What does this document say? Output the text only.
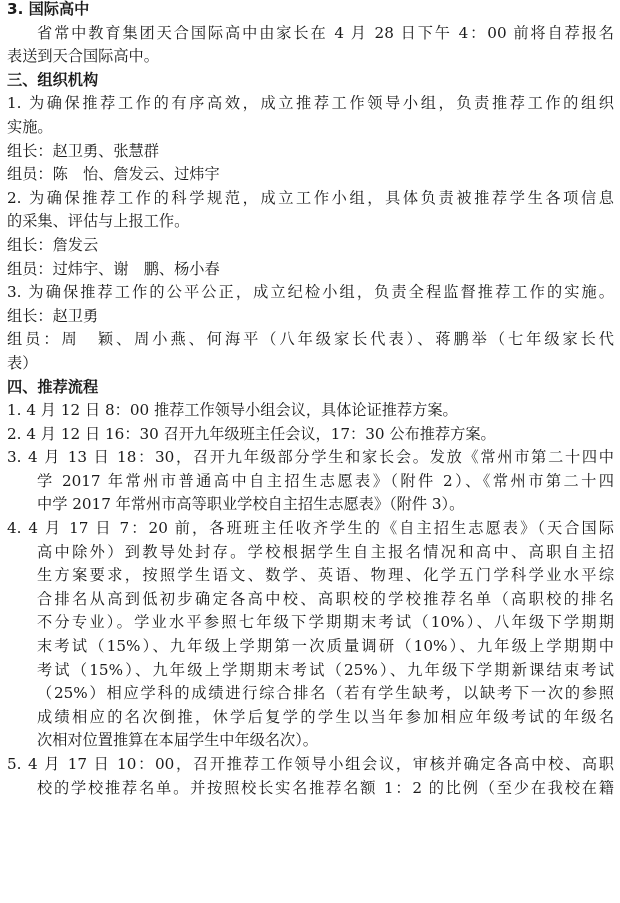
3. 国际高中
省常中教育集团天合国际高中由家长在 4 月 28 日下午 4：00 前将自荐报名
表送到天合国际高中。
三、组织机构
1. 为确保推荐工作的有序高效，成立推荐工作领导小组，负责推荐工作的组织
实施。
组长：赵卫勇、张慧群
组员：陈　怡、詹发云、过炜宇
2. 为确保推荐工作的科学规范，成立工作小组，具体负责被推荐学生各项信息
的采集、评估与上报工作。
组长：詹发云
组员：过炜宇、谢　鹏、杨小春
3. 为确保推荐工作的公平公正，成立纪检小组，负责全程监督推荐工作的实施。
组长：赵卫勇
组员：周　颖、周小燕、何海平（八年级家长代表）、蒋鹏举（七年级家长代
表）
四、推荐流程
1. 4 月 12 日 8：00 推荐工作领导小组会议，具体论证推荐方案。
2. 4 月 12 日 16：30 召开九年级班主任会议，17：30 公布推荐方案。
3. 4 月 13 日 18：30，召开九年级部分学生和家长会。发放《常州市第二十四中
学 2017 年常州市普通高中自主招生志愿表》（附件 2）、《常州市第二十四
中学 2017 年常州市高等职业学校自主招生志愿表》（附件 3）。
4. 4 月 17 日 7：20 前，各班班主任收齐学生的《自主招生志愿表》（天合国际
高中除外）到教导处封存。学校根据学生自主报名情况和高中、高职自主招
生方案要求，按照学生语文、数学、英语、物理、化学五门学科学业水平综
合排名从高到低初步确定各高中校、高职校的学校推荐名单（高职校的排名
不分专业）。学业水平参照七年级下学期期末考试（10%）、八年级下学期期
末考试（15%）、九年级上学期第一次质量调研（10%）、九年级上学期期中
考试（15%）、九年级上学期期末考试（25%）、九年级下学期新课结束考试
（25%）相应学科的成绩进行综合排名（若有学生缺考，以缺考下一次的参照
成绩相应的名次倒推，休学后复学的学生以当年参加相应年级考试的年级名
次相对位置推算在本届学生中年级名次）。
5. 4 月 17 日 10：00，召开推荐工作领导小组会议，审核并确定各高中校、高职
校的学校推荐名单。并按照校长实名推荐名额 1：2 的比例（至少在我校在籍
